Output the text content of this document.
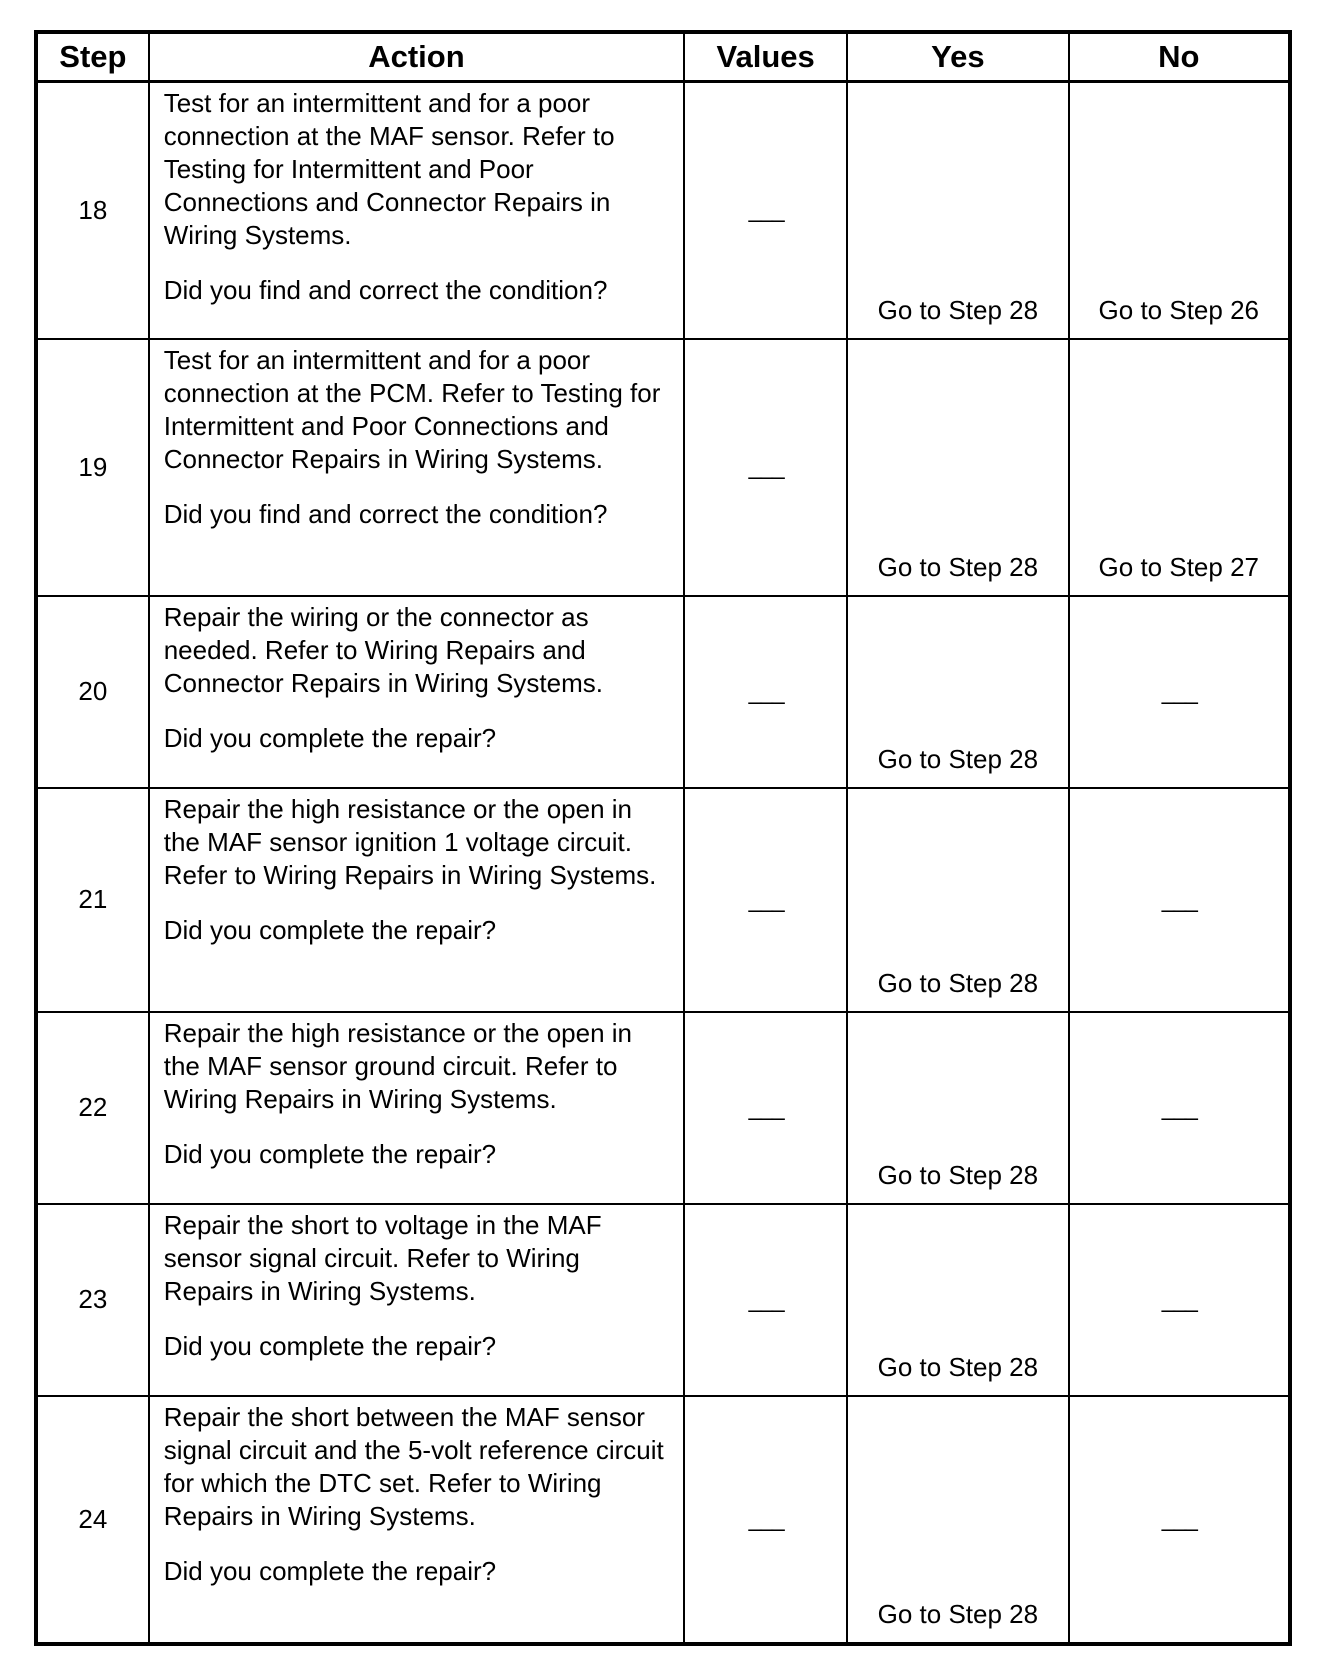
Step	Action	Values	Yes	No
18	Test for an intermittent and for a poor connection at the MAF sensor. Refer to Testing for Intermittent and Poor Connections and Connector Repairs in Wiring Systems.

Did you find and correct the condition?	___	Go to Step 28	Go to Step 26
19	Test for an intermittent and for a poor connection at the PCM. Refer to Testing for Intermittent and Poor Connections and Connector Repairs in Wiring Systems.

Did you find and correct the condition?	___	Go to Step 28	Go to Step 27
20	Repair the wiring or the connector as needed. Refer to Wiring Repairs and Connector Repairs in Wiring Systems.

Did you complete the repair?	___	Go to Step 28	___
21	Repair the high resistance or the open in the MAF sensor ignition 1 voltage circuit. Refer to Wiring Repairs in Wiring Systems.

Did you complete the repair?	___	Go to Step 28	___
22	Repair the high resistance or the open in the MAF sensor ground circuit. Refer to Wiring Repairs in Wiring Systems.

Did you complete the repair?	___	Go to Step 28	___
23	Repair the short to voltage in the MAF sensor signal circuit. Refer to Wiring Repairs in Wiring Systems.

Did you complete the repair?	___	Go to Step 28	___
24	Repair the short between the MAF sensor signal circuit and the 5-volt reference circuit for which the DTC set. Refer to Wiring Repairs in Wiring Systems.

Did you complete the repair?	___	Go to Step 28	___
